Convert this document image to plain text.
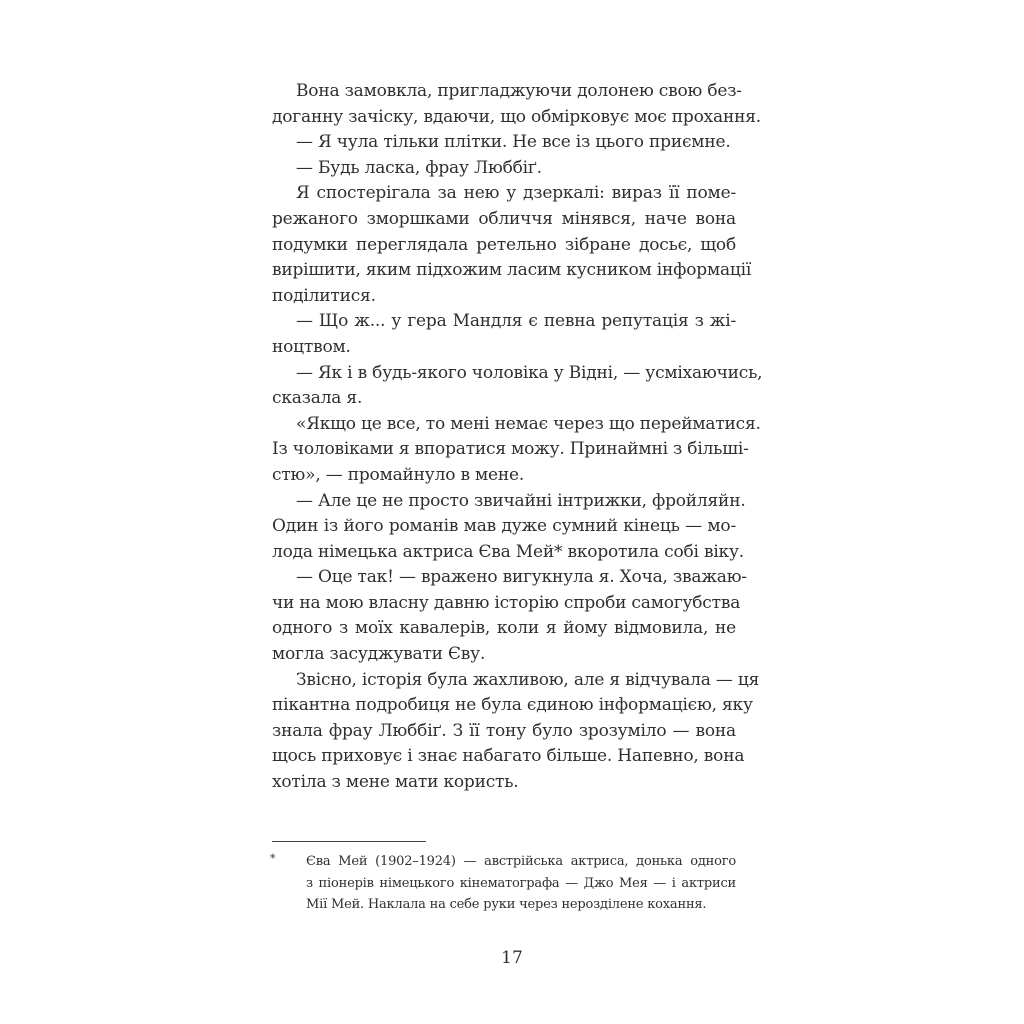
Вона замовкла, пригладжуючи долонею свою без-
доганну зачіску, вдаючи, що обмірковує моє прохання.
— Я чула тільки плітки. Не все із цього приємне.
— Будь ласка, фрау Люббіґ.
Я спостерігала за нею у дзеркалі: вираз її поме-
режаного зморшками обличчя мінявся, наче вона
подумки переглядала ретельно зібране досьє, щоб
вирішити, яким підхожим ласим кусником інформації
поділитися.
— Що ж... у гера Мандля є певна репутація з жі-
ноцтвом.
— Як і в будь-якого чоловіка у Відні, — усміхаючись,
сказала я.
«Якщо це все, то мені немає через що перейматися.
Із чоловіками я впоратися можу. Принаймні з більші-
стю», — промайнуло в мене.
— Але це не просто звичайні інтрижки, фройляйн.
Один із його романів мав дуже сумний кінець — мо-
лода німецька актриса Єва Мей* вкоротила собі віку.
— Оце так! — вражено вигукнула я. Хоча, зважаю-
чи на мою власну давню історію спроби самогубства
одного з моїх кавалерів, коли я йому відмовила, не
могла засуджувати Єву.
Звісно, історія була жахливою, але я відчувала — ця
пікантна подробиця не була єдиною інформацією, яку
знала фрау Люббіґ. З її тону було зрозуміло — вона
щось приховує і знає набагато більше. Напевно, вона
хотіла з мене мати користь.
* Єва Мей (1902–1924) — австрійська актриса, донька одного
з піонерів німецького кінематографа — Джо Мея — і актриси
Мії Мей. Наклала на себе руки через нерозділене кохання.
17
